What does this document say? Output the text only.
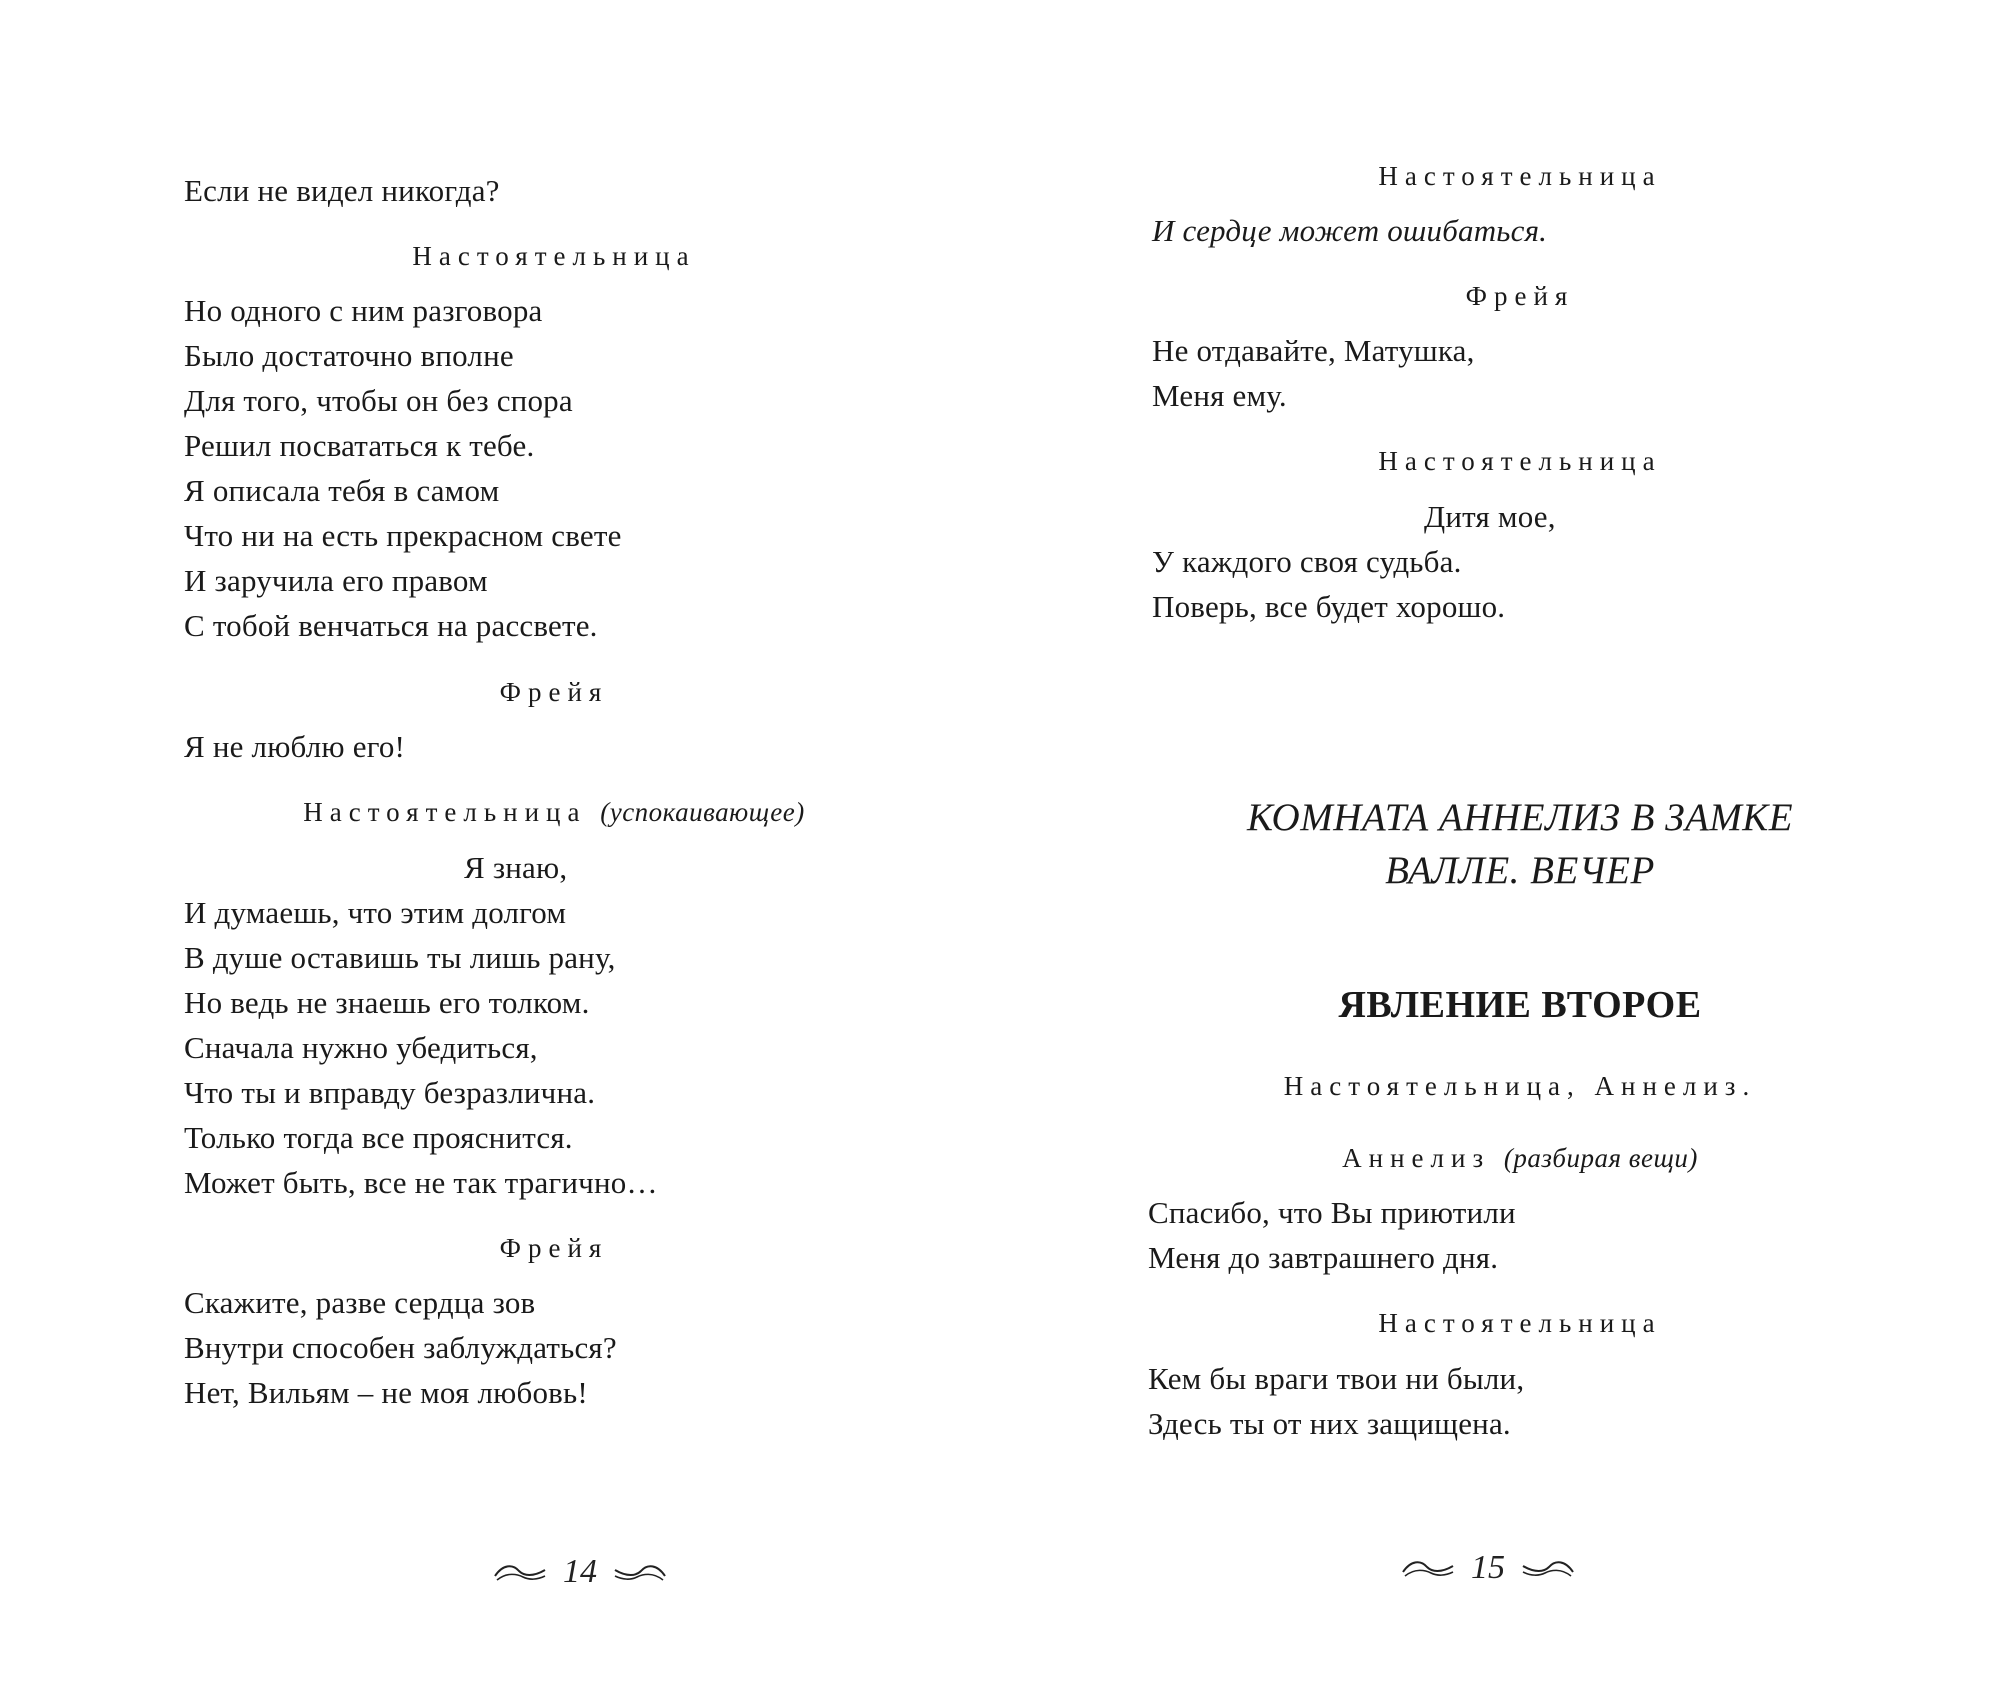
Если не видел никогда?

Настоятельница

Но одного с ним разговора

Было достаточно вполне

Для того, чтобы он без спора

Решил посвататься к тебе.

Я описала тебя в самом

Что ни на есть прекрасном свете

И заручила его правом

С тобой венчаться на рассвете.

Фрейя

Я не люблю его!

Настоятельница (успокаивающее)

Я знаю,

И думаешь, что этим долгом

В душе оставишь ты лишь рану,

Но ведь не знаешь его толком.

Сначала нужно убедиться,

Что ты и вправду безразлична.

Только тогда все прояснится.

Может быть, все не так трагично…

Фрейя

Скажите, разве сердца зов

Внутри способен заблуждаться?

Нет, Вильям – не моя любовь!

14

Настоятельница

И сердце может ошибаться.

Фрейя

Не отдавайте, Матушка,

Меня ему.

Настоятельница

Дитя мое,

У каждого своя судьба.

Поверь, все будет хорошо.

КОМНАТА АННЕЛИЗ В ЗАМКЕ

ВАЛЛЕ. ВЕЧЕР

ЯВЛЕНИЕ ВТОРОЕ

Настоятельница, Аннелиз.

Аннелиз (разбирая вещи)

Спасибо, что Вы приютили

Меня до завтрашнего дня.

Настоятельница

Кем бы враги твои ни были,

Здесь ты от них защищена.

15
